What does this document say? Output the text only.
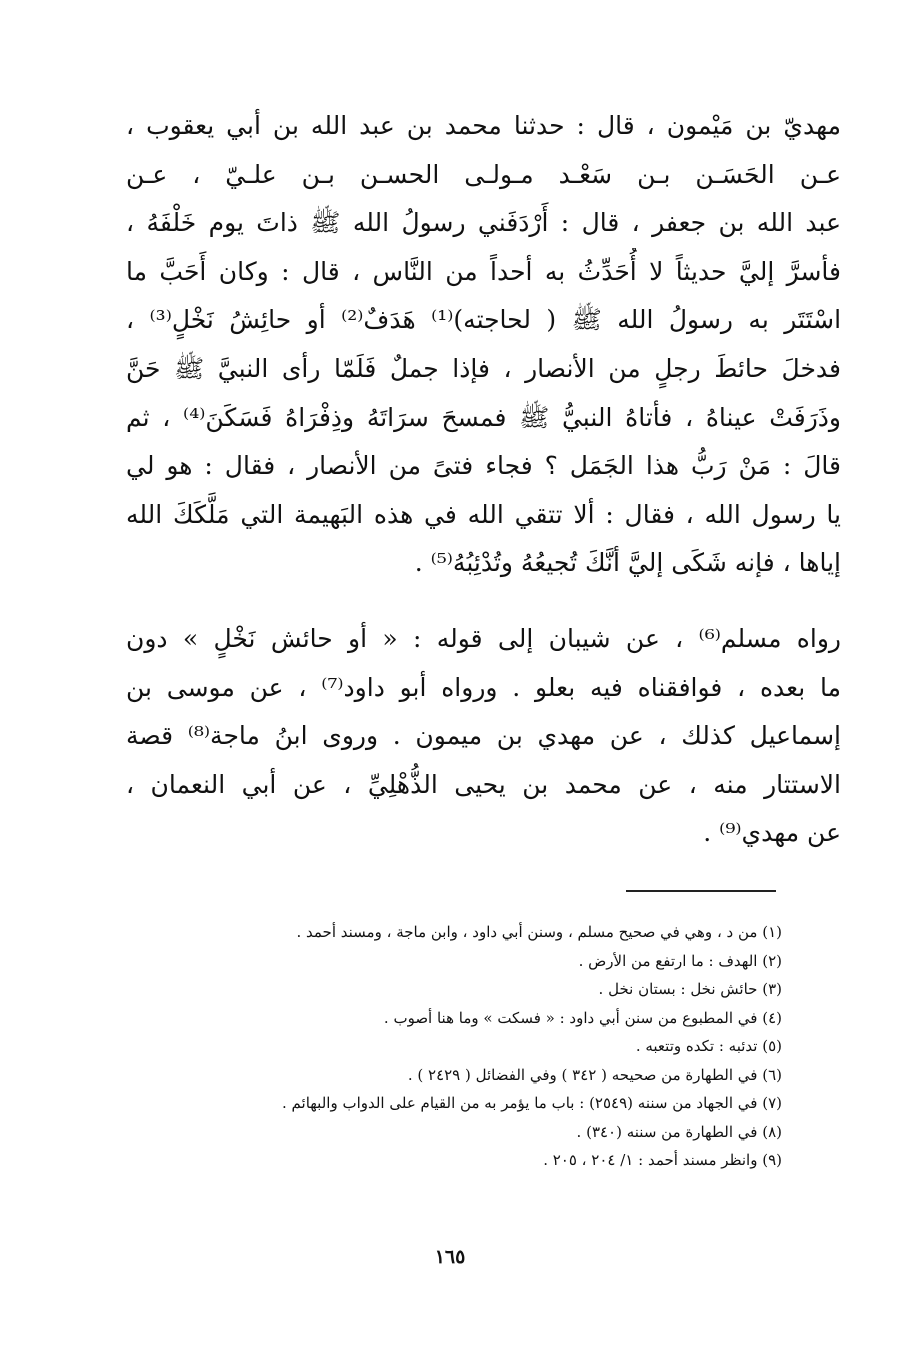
مهديّ بن مَيْمون ، قال : حدثنا محمد بن عبد الله بن أبي يعقوب ،
عـن الحَسَـن بـن سَعْـد مـولـى الحسـن بـن علـيّ ، عـن
عبد الله بن جعفر ، قال : أَرْدَفَني رسولُ الله ﷺ ذاتَ يوم خَلْفَهُ ،
فأسرَّ إليَّ حديثاً لا أُحَدِّثُ به أحداً من النَّاس ، قال : وكان أَحَبَّ ما
اسْتَتَر به رسولُ الله ﷺ ( لحاجته)⁽¹⁾ هَدَفٌ⁽²⁾ أو حائِشُ نَخْلٍ⁽³⁾ ،
فدخلَ حائطَ رجلٍ من الأنصار ، فإذا جملٌ فَلَمّا رأى النبيَّ ﷺ حَنَّ
وذَرَفَتْ عيناهُ ، فأتاهُ النبيُّ ﷺ فمسحَ سرَاتَهُ وذِفْرَاهُ فَسَكَنَ⁽⁴⁾ ، ثم
قالَ : مَنْ رَبُّ هذا الجَمَل ؟ فجاء فتىً من الأنصار ، فقال : هو لي
يا رسول الله ، فقال : ألا تتقي الله في هذه البَهيمة التي مَلَّكَكَ الله
إياها ، فإنه شَكَى إليَّ أنَّكَ تُجيعُهُ وتُدْئِبُهُ⁽⁵⁾ .
رواه مسلم⁽⁶⁾ ، عن شيبان إلى قوله : « أو حائش نَخْلٍ » دون
ما بعده ، فوافقناه فيه بعلو . ورواه أبو داود⁽⁷⁾ ، عن موسى بن
إسماعيل كذلك ، عن مهدي بن ميمون . وروى ابنُ ماجة⁽⁸⁾ قصة
الاستتار منه ، عن محمد بن يحيى الذُّهْلِيِّ ، عن أبي النعمان ،
عن مهدي⁽⁹⁾ .
(١) من د ، وهي في صحيح مسلم ، وسنن أبي داود ، وابن ماجة ، ومسند أحمد .
(٢) الهدف : ما ارتفع من الأرض .
(٣) حائش نخل : بستان نخل .
(٤) في المطبوع من سنن أبي داود : « فسكت » وما هنا أصوب .
(٥) تدئبه : تكده وتتعبه .
(٦) في الطهارة من صحيحه ( ٣٤٢ ) وفي الفضائل ( ٢٤٢٩ ) .
(٧) في الجهاد من سننه (٢٥٤٩) : باب ما يؤمر به من القيام على الدواب والبهائم .
(٨) في الطهارة من سننه (٣٤٠) .
(٩) وانظر مسند أحمد : ١/ ٢٠٤ ، ٢٠٥ .
١٦٥
